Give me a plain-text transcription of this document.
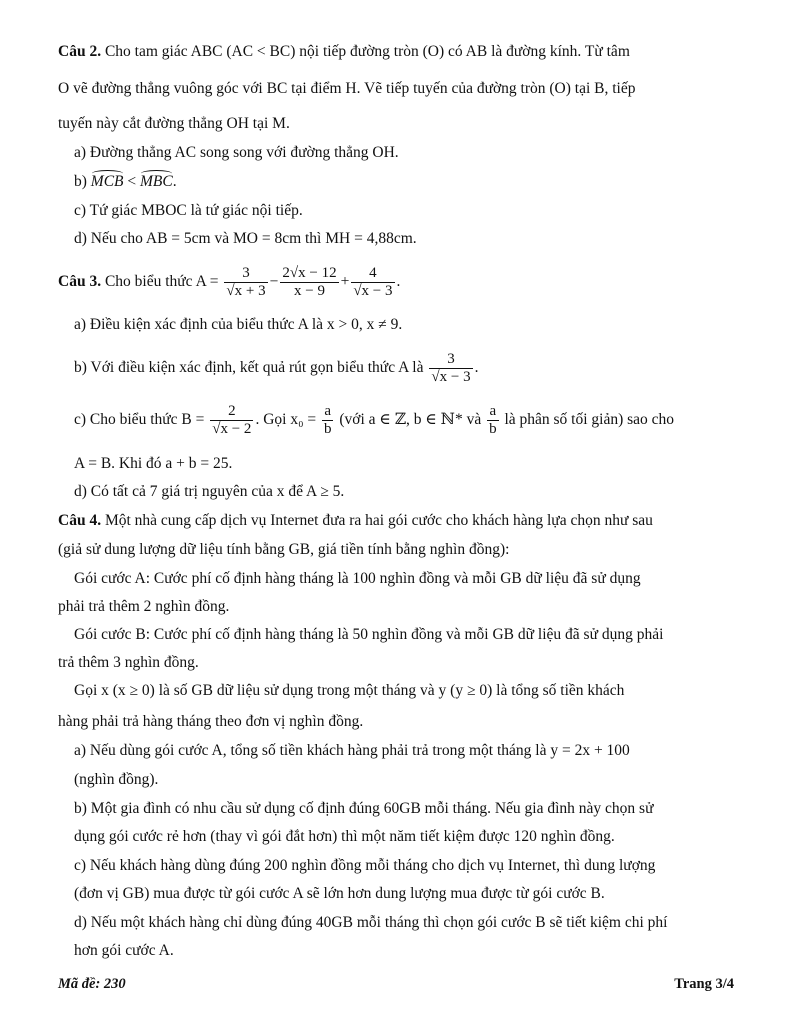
Câu 2. Cho tam giác ABC (AC < BC) nội tiếp đường tròn (O) có AB là đường kính. Từ tâm
O vẽ đường thẳng vuông góc với BC tại điểm H. Vẽ tiếp tuyến của đường tròn (O) tại B, tiếp
tuyến này cắt đường thẳng OH tại M.
a) Đường thẳng AC song song với đường thẳng OH.
b) MCB < MBC.
c) Tứ giác MBOC là tứ giác nội tiếp.
d) Nếu cho AB = 5cm và MO = 8cm thì MH = 4,88cm.
Câu 3. Cho biểu thức $A = \frac{3}{√x + 3} - \frac{2√x - 12}{x - 9} + \frac{4}{√x - 3}$ .
a) Điều kiện xác định của biểu thức A là x > 0, x ≠ 9.
b) Với điều kiện xác định, kết quả rút gọn biểu thức A là $\frac{3}{√x - 3}$ .
c) Cho biểu thức $B = \frac{2}{√x - 2}$ . Gọi $x_0 = \frac{a}{b}$ (với a ∈ ℤ, b ∈ ℕ* và $\frac{a}{b}$ là phân số tối giản) sao cho
A = B. Khi đó a + b = 25.
d) Có tất cả 7 giá trị nguyên của x để A ≥ 5.
Câu 4. Một nhà cung cấp dịch vụ Internet đưa ra hai gói cước cho khách hàng lựa chọn như sau
(giả sử dung lượng dữ liệu tính bằng GB, giá tiền tính bằng nghìn đồng):
Gói cước A: Cước phí cố định hàng tháng là 100 nghìn đồng và mỗi GB dữ liệu đã sử dụng
phải trả thêm 2 nghìn đồng.
Gói cước B: Cước phí cố định hàng tháng là 50 nghìn đồng và mỗi GB dữ liệu đã sử dụng phải
trả thêm 3 nghìn đồng.
Gọi x (x ≥ 0) là số GB dữ liệu sử dụng trong một tháng và y (y ≥ 0) là tổng số tiền khách
hàng phải trả hàng tháng theo đơn vị nghìn đồng.
a) Nếu dùng gói cước A, tổng số tiền khách hàng phải trả trong một tháng là y = 2x + 100
(nghìn đồng).
b) Một gia đình có nhu cầu sử dụng cố định đúng 60GB mỗi tháng. Nếu gia đình này chọn sử
dụng gói cước rẻ hơn (thay vì gói đắt hơn) thì một năm tiết kiệm được 120 nghìn đồng.
c) Nếu khách hàng dùng đúng 200 nghìn đồng mỗi tháng cho dịch vụ Internet, thì dung lượng
(đơn vị GB) mua được từ gói cước A sẽ lớn hơn dung lượng mua được từ gói cước B.
d) Nếu một khách hàng chỉ dùng đúng 40GB mỗi tháng thì chọn gói cước B sẽ tiết kiệm chi phí
hơn gói cước A.
Mã đề: 230	Trang 3/4
